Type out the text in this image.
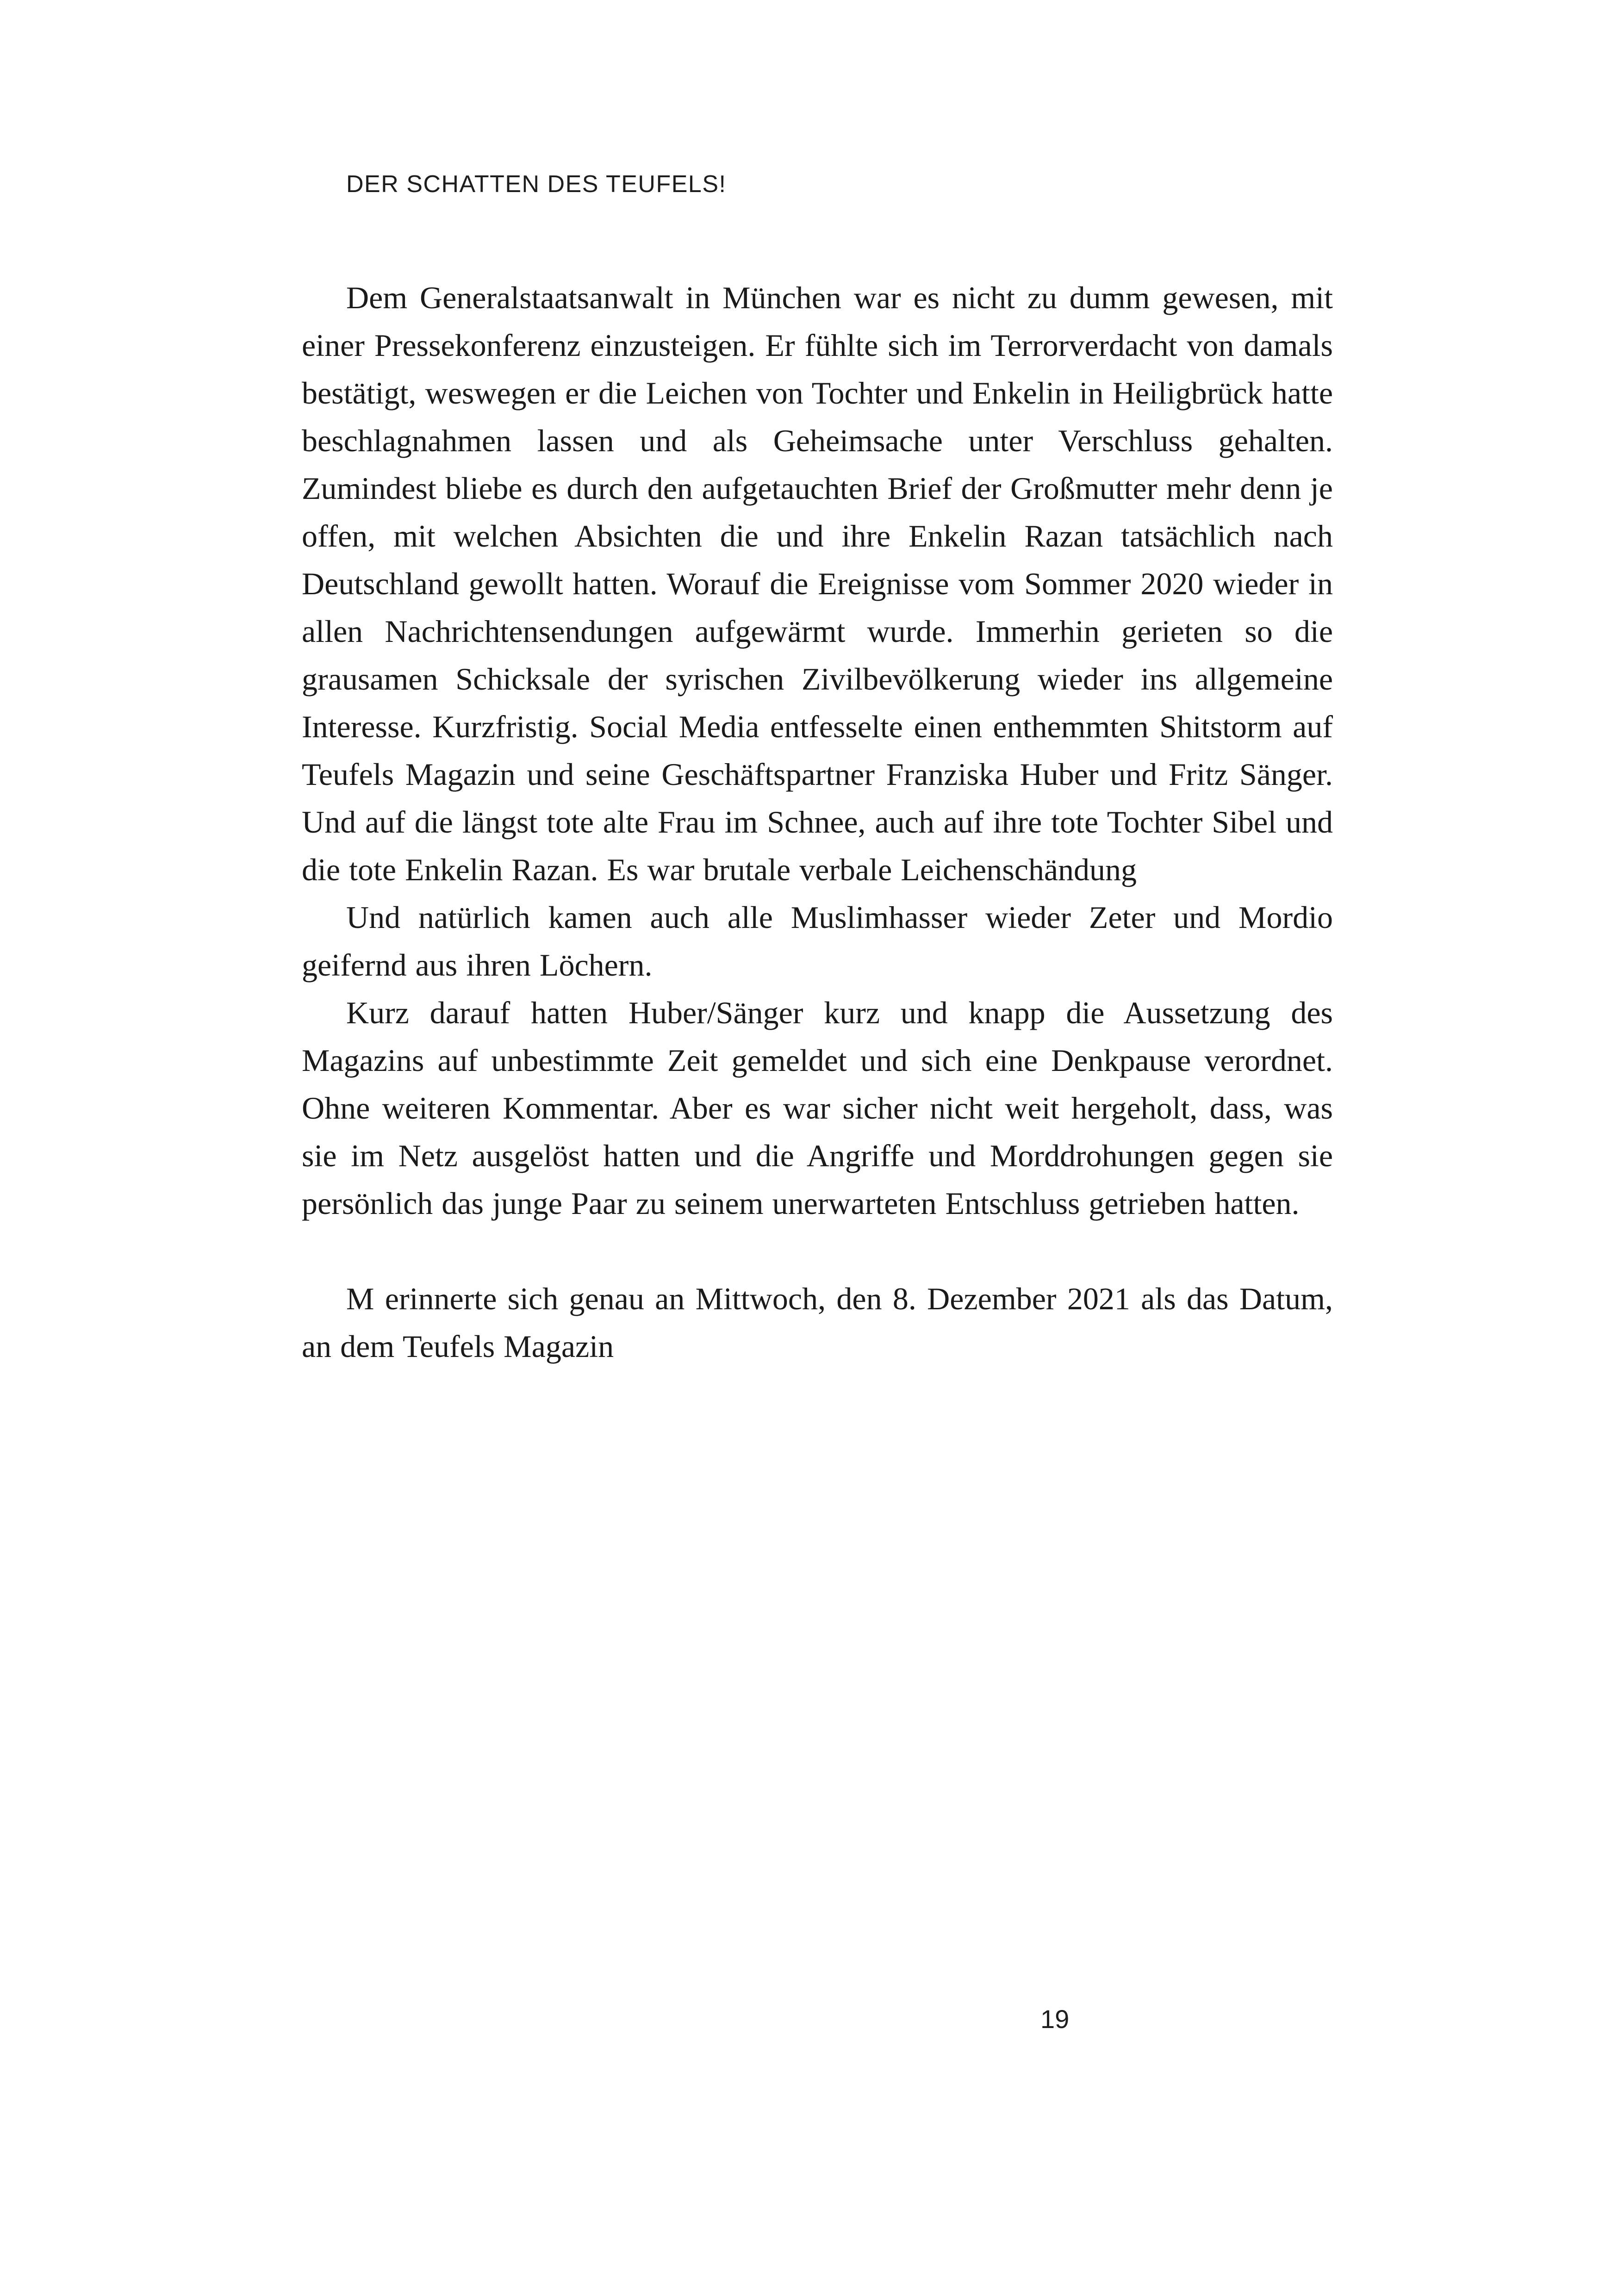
DER SCHATTEN DES TEUFELS!

Dem Generalstaatsanwalt in München war es nicht zu dumm gewesen, mit einer Pressekonferenz einzusteigen. Er fühlte sich im Terrorverdacht von damals bestätigt, weswegen er die Leichen von Tochter und Enkelin in Heiligbrück hatte beschlagnahmen lassen und als Geheimsache unter Verschluss gehalten. Zumindest bliebe es durch den aufgetauchten Brief der Großmutter mehr denn je offen, mit welchen Absichten die und ihre Enkelin Razan tatsächlich nach Deutschland gewollt hatten. Worauf die Ereignisse vom Sommer 2020 wieder in allen Nachrichtensendungen aufgewärmt wurde. Immerhin gerieten so die grausamen Schicksale der syrischen Zivilbevölkerung wieder ins allgemeine Interesse. Kurzfristig. Social Media entfesselte einen enthemmten Shitstorm auf Teufels Magazin und seine Geschäftspartner Franziska Huber und Fritz Sänger. Und auf die längst tote alte Frau im Schnee, auch auf ihre tote Tochter Sibel und die tote Enkelin Razan. Es war brutale verbale Leichenschändung

Und natürlich kamen auch alle Muslimhasser wieder Zeter und Mordio geifernd aus ihren Löchern.

Kurz darauf hatten Huber/Sänger kurz und knapp die Aussetzung des Magazins auf unbestimmte Zeit gemeldet und sich eine Denkpause verordnet. Ohne weiteren Kommentar. Aber es war sicher nicht weit hergeholt, dass, was sie im Netz ausgelöst hatten und die Angriffe und Morddrohungen gegen sie persönlich das junge Paar zu seinem unerwarteten Entschluss getrieben hatten.

M erinnerte sich genau an Mittwoch, den 8. Dezember 2021 als das Datum, an dem Teufels Magazin

19
